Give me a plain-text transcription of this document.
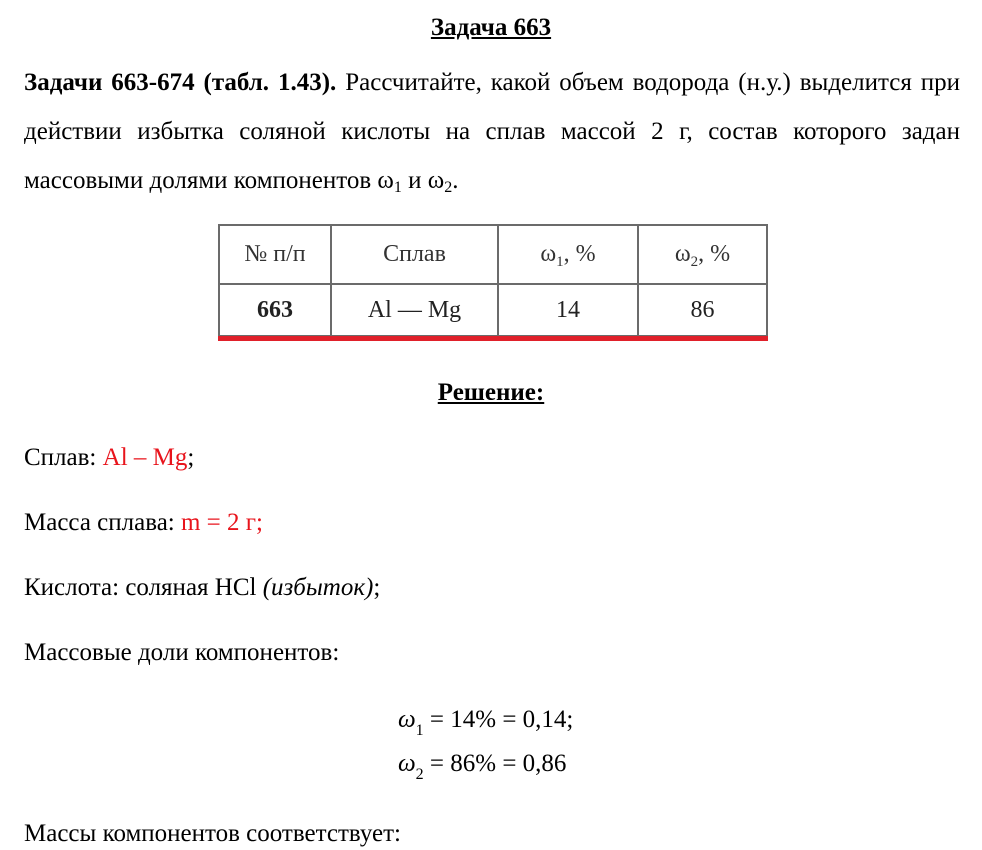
Задача 663
Задачи 663-674 (табл. 1.43). Рассчитайте, какой объем водорода (н.у.) выделится при действии избытка соляной кислоты на сплав массой 2 г, состав которого задан массовыми долями компонентов $\omega_1$ и $\omega_2$.
№ п/п	Сплав	$\omega_1$, %	$\omega_2$, %
663	Al — Mg	14	86
Решение:
Сплав: Al – Mg;
Масса сплава: m = 2 г;
Кислота: соляная HCl (избыток);
Массовые доли компонентов:
$\omega_1 = 14\% = 0,14$;
$\omega_2 = 86\% = 0,86$
Массы компонентов соответствует:
